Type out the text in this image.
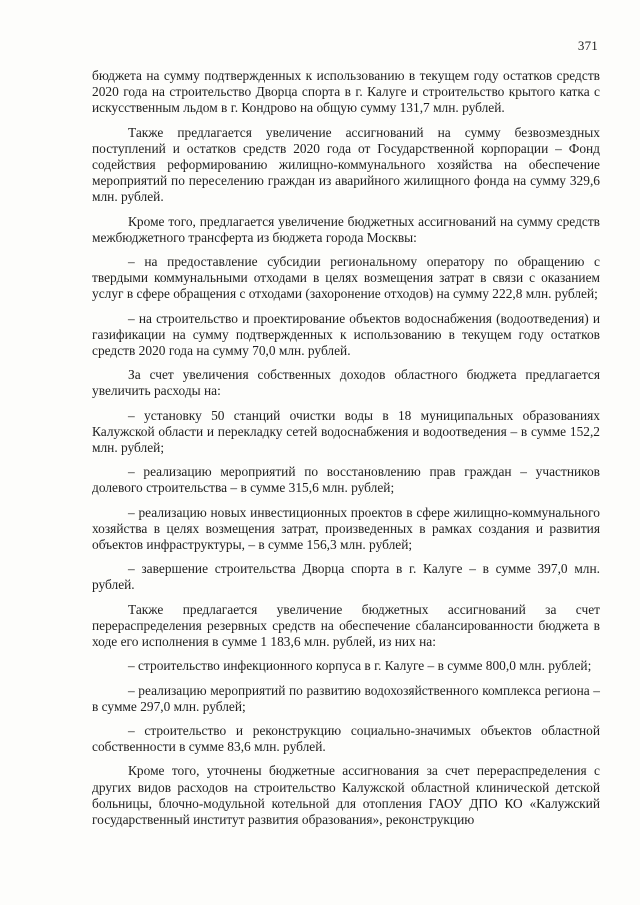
371

бюджета на сумму подтвержденных к использованию в текущем году остатков средств 2020 года на строительство Дворца спорта в г. Калуге и строительство крытого катка с искусственным льдом в г. Кондрово на общую сумму 131,7 млн. рублей.

Также предлагается увеличение ассигнований на сумму безвозмездных поступлений и остатков средств 2020 года от Государственной корпорации – Фонд содействия реформированию жилищно-коммунального хозяйства на обеспечение мероприятий по переселению граждан из аварийного жилищного фонда на сумму 329,6 млн. рублей.

Кроме того, предлагается увеличение бюджетных ассигнований на сумму средств межбюджетного трансферта из бюджета города Москвы:

– на предоставление субсидии региональному оператору по обращению с твердыми коммунальными отходами в целях возмещения затрат в связи с оказанием услуг в сфере обращения с отходами (захоронение отходов) на сумму 222,8 млн. рублей;

– на строительство и проектирование объектов водоснабжения (водоотведения) и газификации на сумму подтвержденных к использованию в текущем году остатков средств 2020 года на сумму 70,0 млн. рублей.

За счет увеличения собственных доходов областного бюджета предлагается увеличить расходы на:

– установку 50 станций очистки воды в 18 муниципальных образованиях Калужской области и перекладку сетей водоснабжения и водоотведения – в сумме 152,2 млн. рублей;

– реализацию мероприятий по восстановлению прав граждан – участников долевого строительства – в сумме 315,6 млн. рублей;

– реализацию новых инвестиционных проектов в сфере жилищно-коммунального хозяйства в целях возмещения затрат, произведенных в рамках создания и развития объектов инфраструктуры, – в сумме 156,3 млн. рублей;

– завершение строительства Дворца спорта в г. Калуге – в сумме 397,0 млн. рублей.

Также предлагается увеличение бюджетных ассигнований за счет перераспределения резервных средств на обеспечение сбалансированности бюджета в ходе его исполнения в сумме 1 183,6 млн. рублей, из них на:

– строительство инфекционного корпуса в г. Калуге – в сумме 800,0 млн. рублей;

– реализацию мероприятий по развитию водохозяйственного комплекса региона – в сумме 297,0 млн. рублей;

– строительство и реконструкцию социально-значимых объектов областной собственности в сумме 83,6 млн. рублей.

Кроме того, уточнены бюджетные ассигнования за счет перераспределения с других видов расходов на строительство Калужской областной клинической детской больницы, блочно-модульной котельной для отопления ГАОУ ДПО КО «Калужский государственный институт развития образования», реконструкцию
